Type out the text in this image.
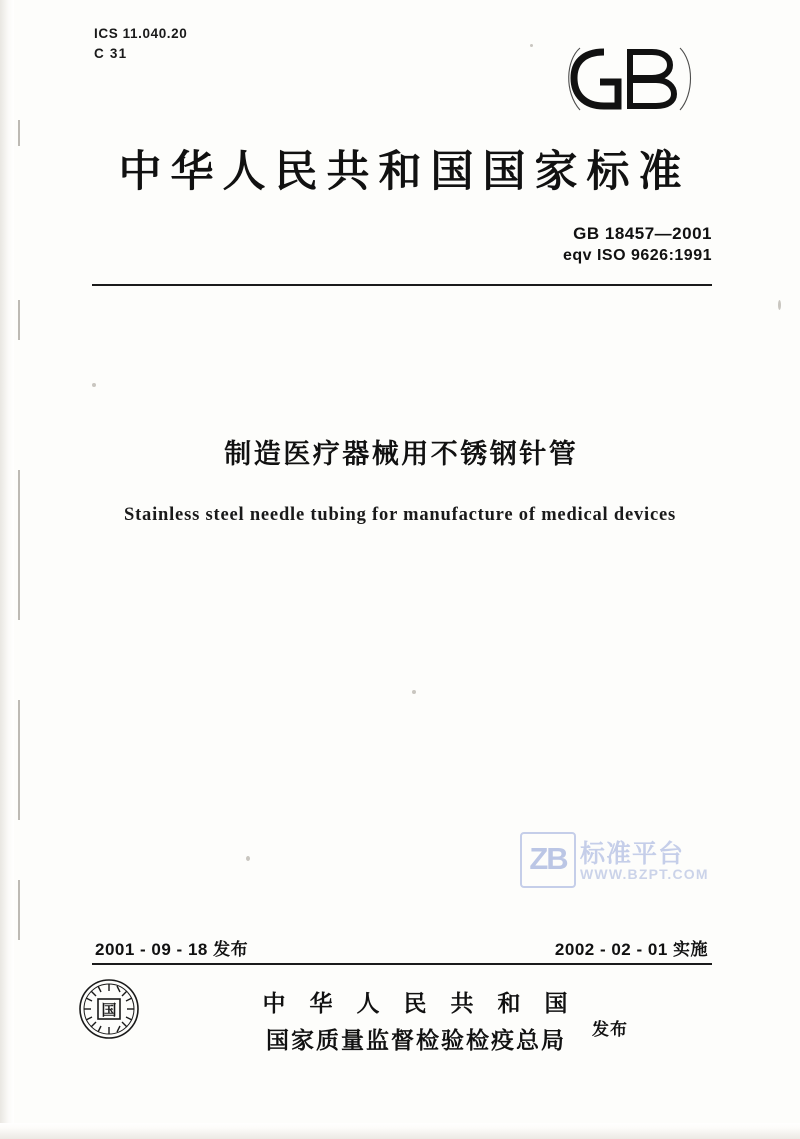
ICS 11.040.20
C 31
中华人民共和国国家标准
GB 18457—2001
eqv ISO 9626:1991
制造医疗器械用不锈钢针管
Stainless steel needle tubing for manufacture of medical devices
ZB 标准平台
WWW.BZPT.COM
2001 - 09 - 18 发布	2002 - 02 - 01 实施
国	中 华 人 民 共 和 国
国家质量监督检验检疫总局	发布
